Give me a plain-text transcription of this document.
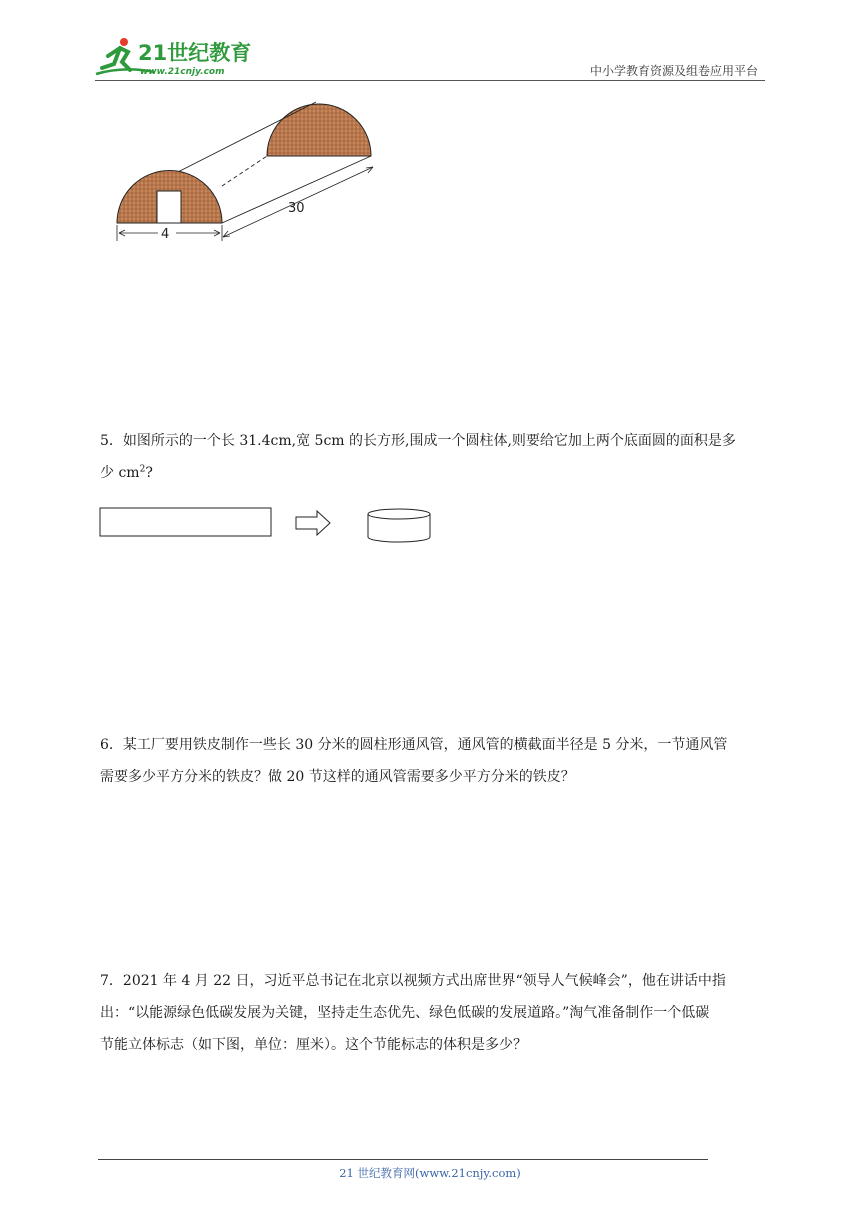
21世纪教育
www.21cnjy.com	中小学教育资源及组卷应用平台
4
30

5．如图所示的一个长 31.4cm,宽 5cm 的长方形,围成一个圆柱体,则要给它加上两个底面圆的面积是多

少 $cm^2$?

6．某工厂要用铁皮制作一些长 30 分米的圆柱形通风管，通风管的横截面半径是 5 分米，一节通风管

需要多少平方分米的铁皮？做 20 节这样的通风管需要多少平方分米的铁皮？

7．2021 年 4 月 22 日，习近平总书记在北京以视频方式出席世界“领导人气候峰会”，他在讲话中指

出：“以能源绿色低碳发展为关键，坚持走生态优先、绿色低碳的发展道路。”淘气准备制作一个低碳

节能立体标志（如下图，单位：厘米）。这个节能标志的体积是多少？

21 世纪教育网(www.21cnjy.com)
